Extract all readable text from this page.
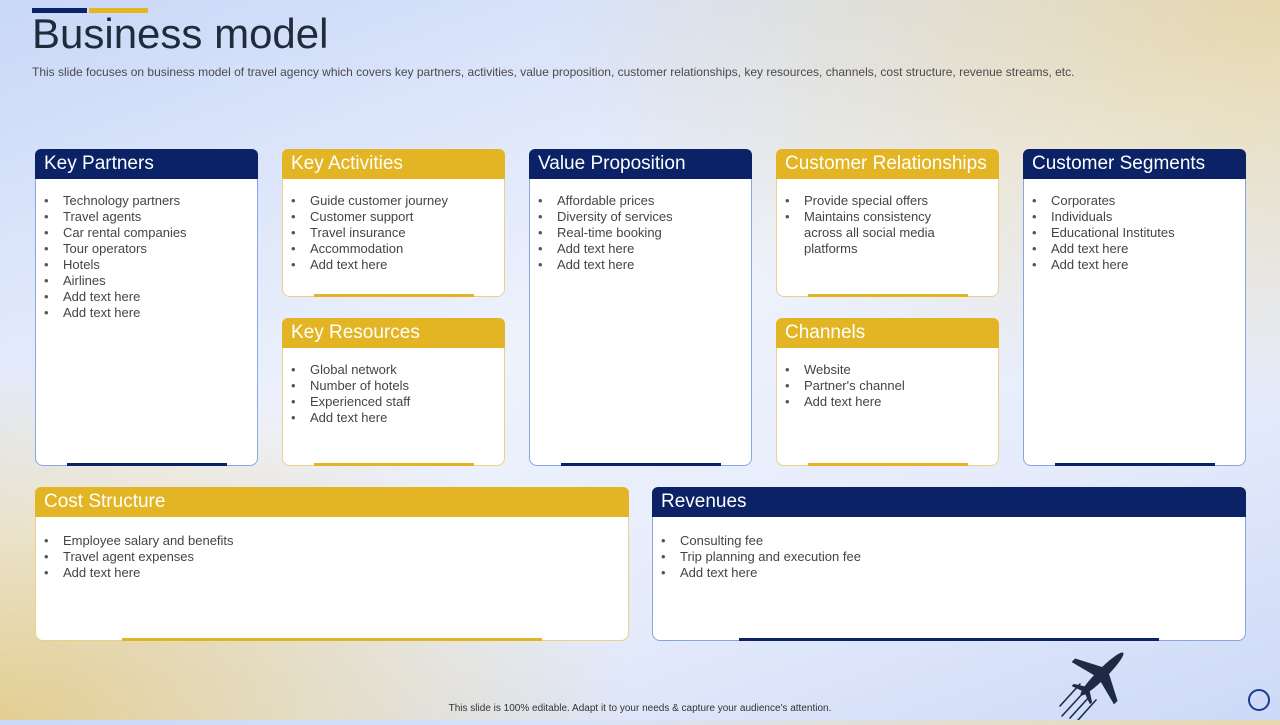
Business model
This slide focuses on business model of travel agency which covers key partners, activities, value proposition, customer relationships, key resources, channels, cost structure, revenue streams, etc.
Key Partners
• Technology partners
• Travel agents
• Car rental companies
• Tour operators
• Hotels
• Airlines
• Add text here
• Add text here
Key Activities
• Guide customer journey
• Customer support
• Travel insurance
• Accommodation
• Add text here
Value Proposition
• Affordable prices
• Diversity of services
• Real-time booking
• Add text here
• Add text here
Customer Relationships
• Provide special offers
• Maintains consistency across all social media platforms
Customer Segments
• Corporates
• Individuals
• Educational Institutes
• Add text here
• Add text here
Key Resources
• Global network
• Number of hotels
• Experienced staff
• Add text here
Channels
• Website
• Partner's channel
• Add text here
Cost Structure
• Employee salary and benefits
• Travel agent expenses
• Add text here
Revenues
• Consulting fee
• Trip planning and execution fee
• Add text here
This slide is 100% editable. Adapt it to your needs & capture your audience's attention.
